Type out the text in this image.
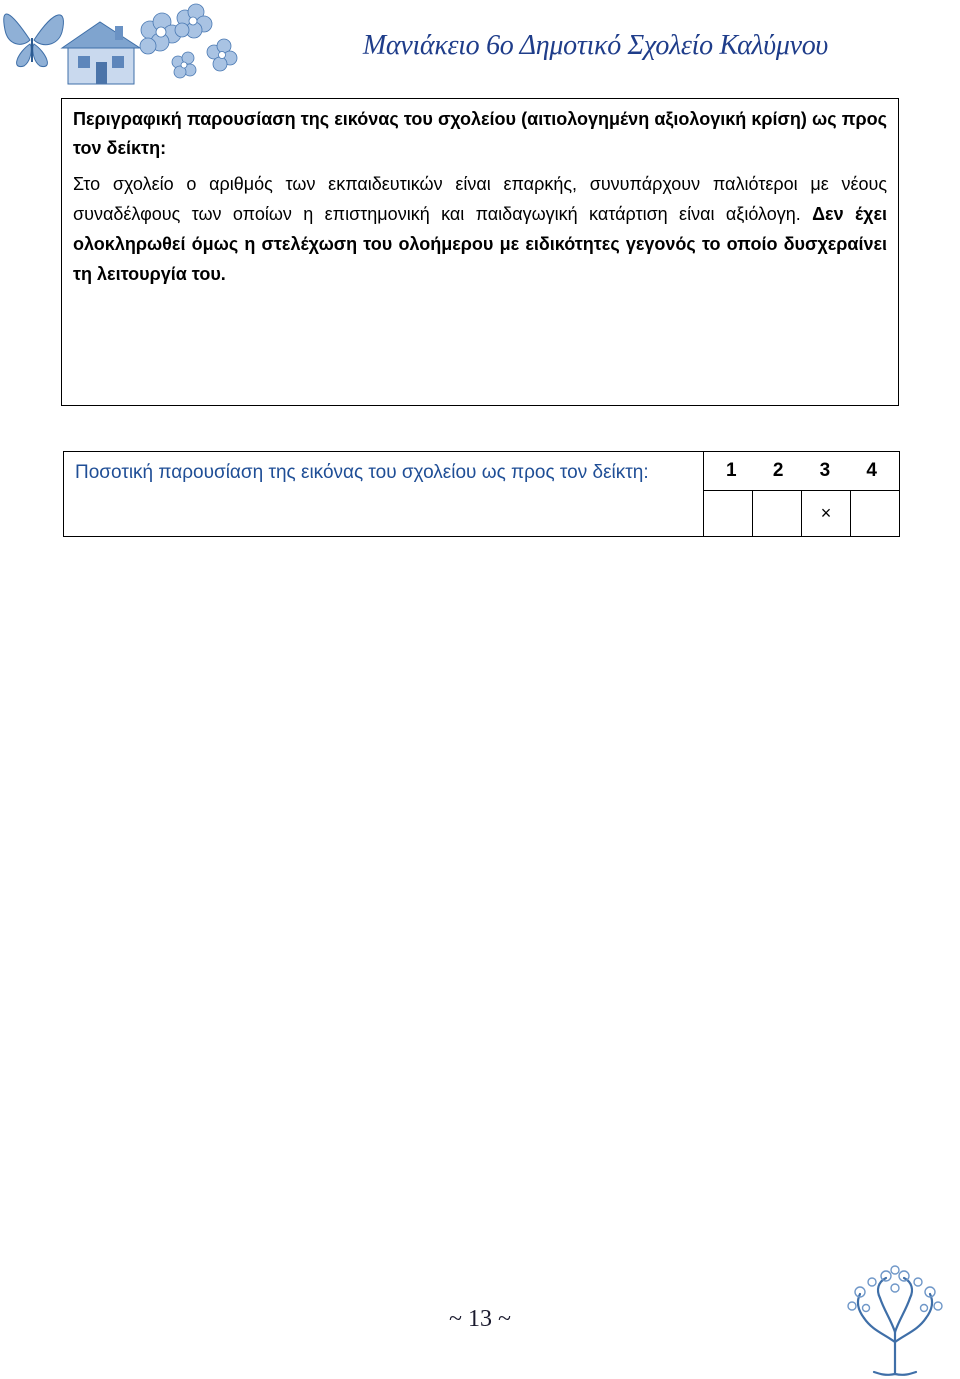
Μανιάκειο 6ο Δημοτικό Σχολείο Καλύμνου

Περιγραφική παρουσίαση της εικόνας του σχολείου (αιτιολογημένη αξιολογική κρίση) ως προς τον δείκτη:

Στο σχολείο ο αριθμός των εκπαιδευτικών είναι επαρκής, συνυπάρχουν παλιότεροι με νέους συναδέλφους των οποίων η επιστημονική και παιδαγωγική κατάρτιση είναι αξιόλογη. Δεν έχει ολοκληρωθεί όμως η στελέχωση του ολοήμερου με ειδικότητες γεγονός το οποίο δυσχεραίνει τη λειτουργία του.

Ποσοτική παρουσίαση της εικόνας του σχολείου ως προς τον δείκτη:	1 2 3 4			
			×	
~ 13 ~
